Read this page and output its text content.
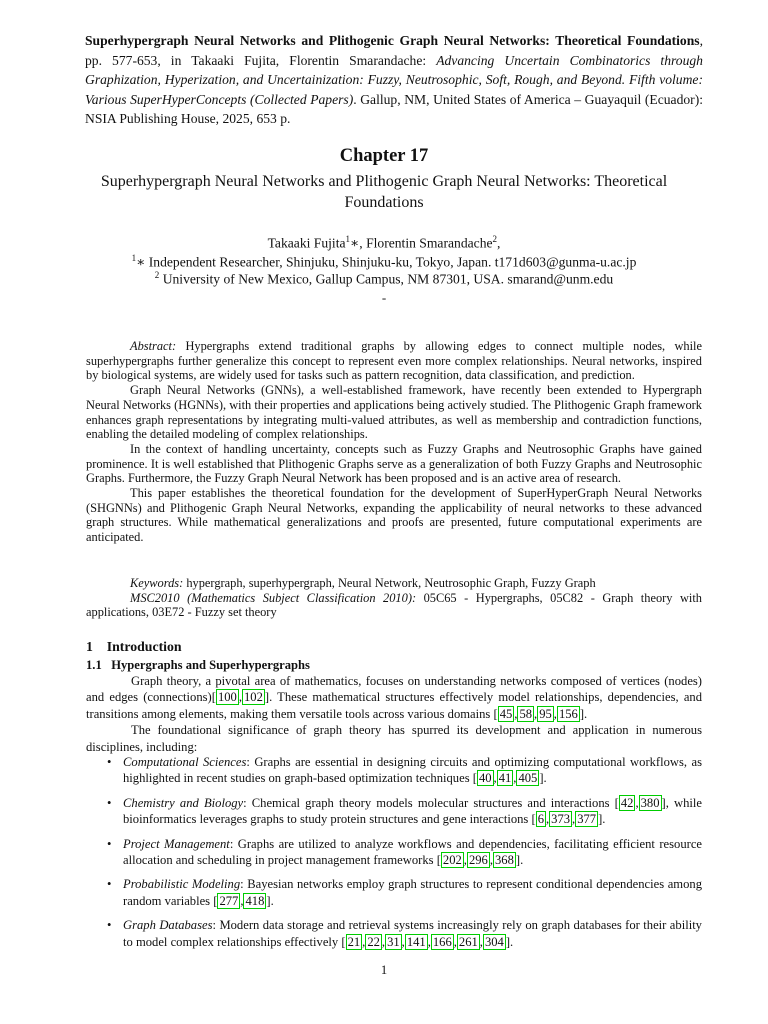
Superhypergraph Neural Networks and Plithogenic Graph Neural Networks: Theoretical Foundations, pp. 577-653, in Takaaki Fujita, Florentin Smarandache: Advancing Uncertain Combinatorics through Graphization, Hyperization, and Uncertainization: Fuzzy, Neutrosophic, Soft, Rough, and Beyond. Fifth volume: Various SuperHyperConcepts (Collected Papers). Gallup, NM, United States of America – Guayaquil (Ecuador): NSIA Publishing House, 2025, 653 p.
Chapter 17
Superhypergraph Neural Networks and Plithogenic Graph Neural Networks: Theoretical Foundations
Takaaki Fujita$^1$∗, Florentin Smarandache$^2$,
$^1$∗ Independent Researcher, Shinjuku, Shinjuku-ku, Tokyo, Japan. t171d603@gunma-u.ac.jp
$^2$ University of New Mexico, Gallup Campus, NM 87301, USA. smarand@unm.edu
-

Abstract: Hypergraphs extend traditional graphs by allowing edges to connect multiple nodes, while superhypergraphs further generalize this concept to represent even more complex relationships. Neural networks, inspired by biological systems, are widely used for tasks such as pattern recognition, data classification, and prediction.

Graph Neural Networks (GNNs), a well-established framework, have recently been extended to Hypergraph Neural Networks (HGNNs), with their properties and applications being actively studied. The Plithogenic Graph framework enhances graph representations by integrating multi-valued attributes, as well as membership and contradiction functions, enabling the detailed modeling of complex relationships.

In the context of handling uncertainty, concepts such as Fuzzy Graphs and Neutrosophic Graphs have gained prominence. It is well established that Plithogenic Graphs serve as a generalization of both Fuzzy Graphs and Neutrosophic Graphs. Furthermore, the Fuzzy Graph Neural Network has been proposed and is an active area of research.

This paper establishes the theoretical foundation for the development of SuperHyperGraph Neural Networks (SHGNNs) and Plithogenic Graph Neural Networks, expanding the applicability of neural networks to these advanced graph structures. While mathematical generalizations and proofs are presented, future computational experiments are anticipated.

Keywords: hypergraph, superhypergraph, Neural Network, Neutrosophic Graph, Fuzzy Graph

MSC2010 (Mathematics Subject Classification 2010): 05C65 - Hypergraphs, 05C82 - Graph theory with applications, 03E72 - Fuzzy set theory

1 Introduction
1.1 Hypergraphs and Superhypergraphs

Graph theory, a pivotal area of mathematics, focuses on understanding networks composed of vertices (nodes) and edges (connections)[ 100 , 102 ]. These mathematical structures effectively model relationships, dependencies, and transitions among elements, making them versatile tools across various domains [ 45 , 58 , 95 , 156 ].

The foundational significance of graph theory has spurred its development and application in numerous disciplines, including:

• Computational Sciences: Graphs are essential in designing circuits and optimizing computational workflows, as highlighted in recent studies on graph-based optimization techniques [ 40 , 41 , 405 ].
• Chemistry and Biology: Chemical graph theory models molecular structures and interactions [ 42 , 380 ], while bioinformatics leverages graphs to study protein structures and gene interactions [ 6 , 373 , 377 ].
• Project Management: Graphs are utilized to analyze workflows and dependencies, facilitating efficient resource allocation and scheduling in project management frameworks [ 202 , 296 , 368 ].
• Probabilistic Modeling: Bayesian networks employ graph structures to represent conditional dependencies among random variables [ 277 , 418 ].
• Graph Databases: Modern data storage and retrieval systems increasingly rely on graph databases for their ability to model complex relationships effectively [ 21 , 22 , 31 , 141 , 166 , 261 , 304 ].
1
